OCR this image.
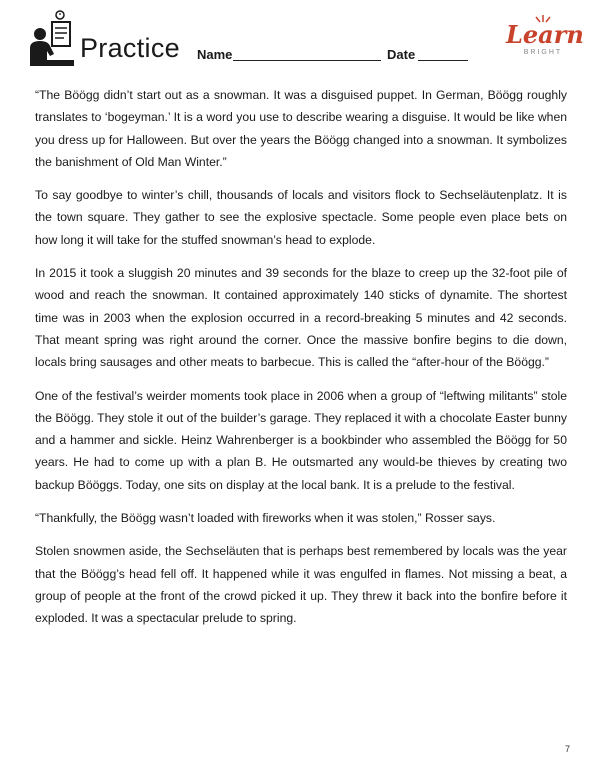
Practice Name	Date
Learn
BRIGHT

“The Böögg didn’t start out as a snowman. It was a disguised puppet. In German, Böögg roughly translates to ‘bogeyman.’ It is a word you use to describe wearing a disguise. It would be like when you dress up for Halloween. But over the years the Böögg changed into a snowman. It symbolizes the banishment of Old Man Winter.”

To say goodbye to winter’s chill, thousands of locals and visitors flock to Sechseläutenplatz. It is the town square. They gather to see the explosive spectacle. Some people even place bets on how long it will take for the stuffed snowman’s head to explode.

In 2015 it took a sluggish 20 minutes and 39 seconds for the blaze to creep up the 32-foot pile of wood and reach the snowman. It contained approximately 140 sticks of dynamite. The shortest time was in 2003 when the explosion occurred in a record-breaking 5 minutes and 42 seconds. That meant spring was right around the corner. Once the massive bonfire begins to die down, locals bring sausages and other meats to barbecue. This is called the “after-hour of the Böögg.”

One of the festival’s weirder moments took place in 2006 when a group of “leftwing militants” stole the Böögg. They stole it out of the builder’s garage. They replaced it with a chocolate Easter bunny and a hammer and sickle. Heinz Wahrenberger is a bookbinder who assembled the Böögg for 50 years. He had to come up with a plan B. He outsmarted any would-be thieves by creating two backup Bööggs. Today, one sits on display at the local bank. It is a prelude to the festival.

“Thankfully, the Böögg wasn’t loaded with fireworks when it was stolen,” Rosser says.

Stolen snowmen aside, the Sechseläuten that is perhaps best remembered by locals was the year that the Böögg’s head fell off. It happened while it was engulfed in flames. Not missing a beat, a group of people at the front of the crowd picked it up. They threw it back into the bonfire before it exploded. It was a spectacular prelude to spring.

7
